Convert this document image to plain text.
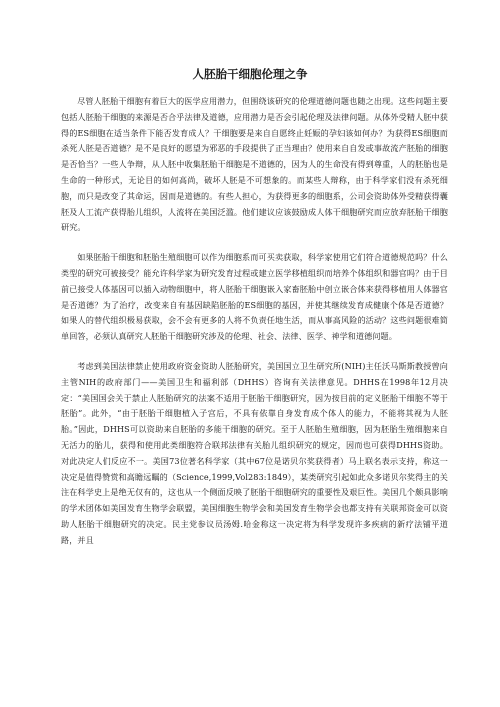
人胚胎干细胞伦理之争

尽管人胚胎干细胞有着巨大的医学应用潜力，但围绕该研究的伦理道德问题也随之出现。这些问题主要包括人胚胎干细胞的来源是否合乎法律及道德，应用潜力是否会引起伦理及法律问题。从体外受精人胚中获得的ES细胞在适当条件下能否发育成人？干细胞要是来自自愿终止妊娠的孕妇该如何办？为获得ES细胞而杀死人胚是否道德？是不是良好的愿望为邪恶的手段提供了正当理由？使用来自自发或事故流产胚胎的细胞是否恰当？一些人争辩，从人胚中收集胚胎干细胞是不道德的，因为人的生命没有得到尊重，人的胚胎也是生命的一种形式，无论目的如何高尚，破坏人胚是不可想象的。而某些人辩称，由于科学家们没有杀死细胞，而只是改变了其命运，因而是道德的。有些人担心，为获得更多的细胞系，公司会资助体外受精获得囊胚及人工流产获得胎儿组织，人流将在美国泛滥。他们建议应该鼓励成人体干细胞研究而应放弃胚胎干细胞研究。

如果胚胎干细胞和胚胎生殖细胞可以作为细胞系而可买卖获取，科学家使用它们符合道德规范吗？什么类型的研究可被接受？能允许科学家为研究发育过程或建立医学移植组织而培养个体组织和器官吗？由于目前已接受人体基因可以插入动物细胞中，将人胚胎干细胞嵌入家畜胚胎中创立嵌合体来获得移植用人体器官是否道德？为了治疗，改变来自有基因缺陷胚胎的ES细胞的基因，并使其继续发育成健康个体是否道德？如果人的替代组织极易获取，会不会有更多的人将不负责任地生活，而从事高风险的活动？这些问题很难简单回答，必须认真研究人胚胎干细胞研究涉及的伦理、社会、法律、医学、神学和道德问题。

考虑到美国法律禁止使用政府资金资助人胚胎研究，美国国立卫生研究所(NIH)主任沃马斯斯教授曾向主管NIH的政府部门——美国卫生和福利部（DHHS）咨询有关法律意见。DHHS在1998年12月决定：“美国国会关于禁止人胚胎研究的法案不适用于胚胎干细胞研究，因为按目前的定义胚胎干细胞不等于胚胎”。此外，“由于胚胎干细胞植入子宫后，不具有依靠自身发育成个体人的能力，不能将其视为人胚胎。”因此，DHHS可以资助来自胚胎的多能干细胞的研究。至于人胚胎生殖细胞，因为胚胎生殖细胞来自无活力的胎儿，获得和使用此类细胞符合联邦法律有关胎儿组织研究的规定，因而也可获得DHHS资助。对此决定人们反应不一。美国73位著名科学家（其中67位是诺贝尔奖获得者）马上联名表示支持，称这一决定是值得赞赏和高瞻远瞩的（Science,1999,Vol283:1849），某类研究引起如此众多诺贝尔奖得主的关注在科学史上是绝无仅有的，这也从一个侧面反映了胚胎干细胞研究的重要性及艰巨性。美国几个颇具影响的学术团体如美国发育生物学会联盟，美国细胞生物学会和美国发育生物学会也都支持有关联邦资金可以资助人胚胎干细胞研究的决定。民主党参议员汤姆.哈金称这一决定将为科学发现许多疾病的新疗法铺平道路，并且
